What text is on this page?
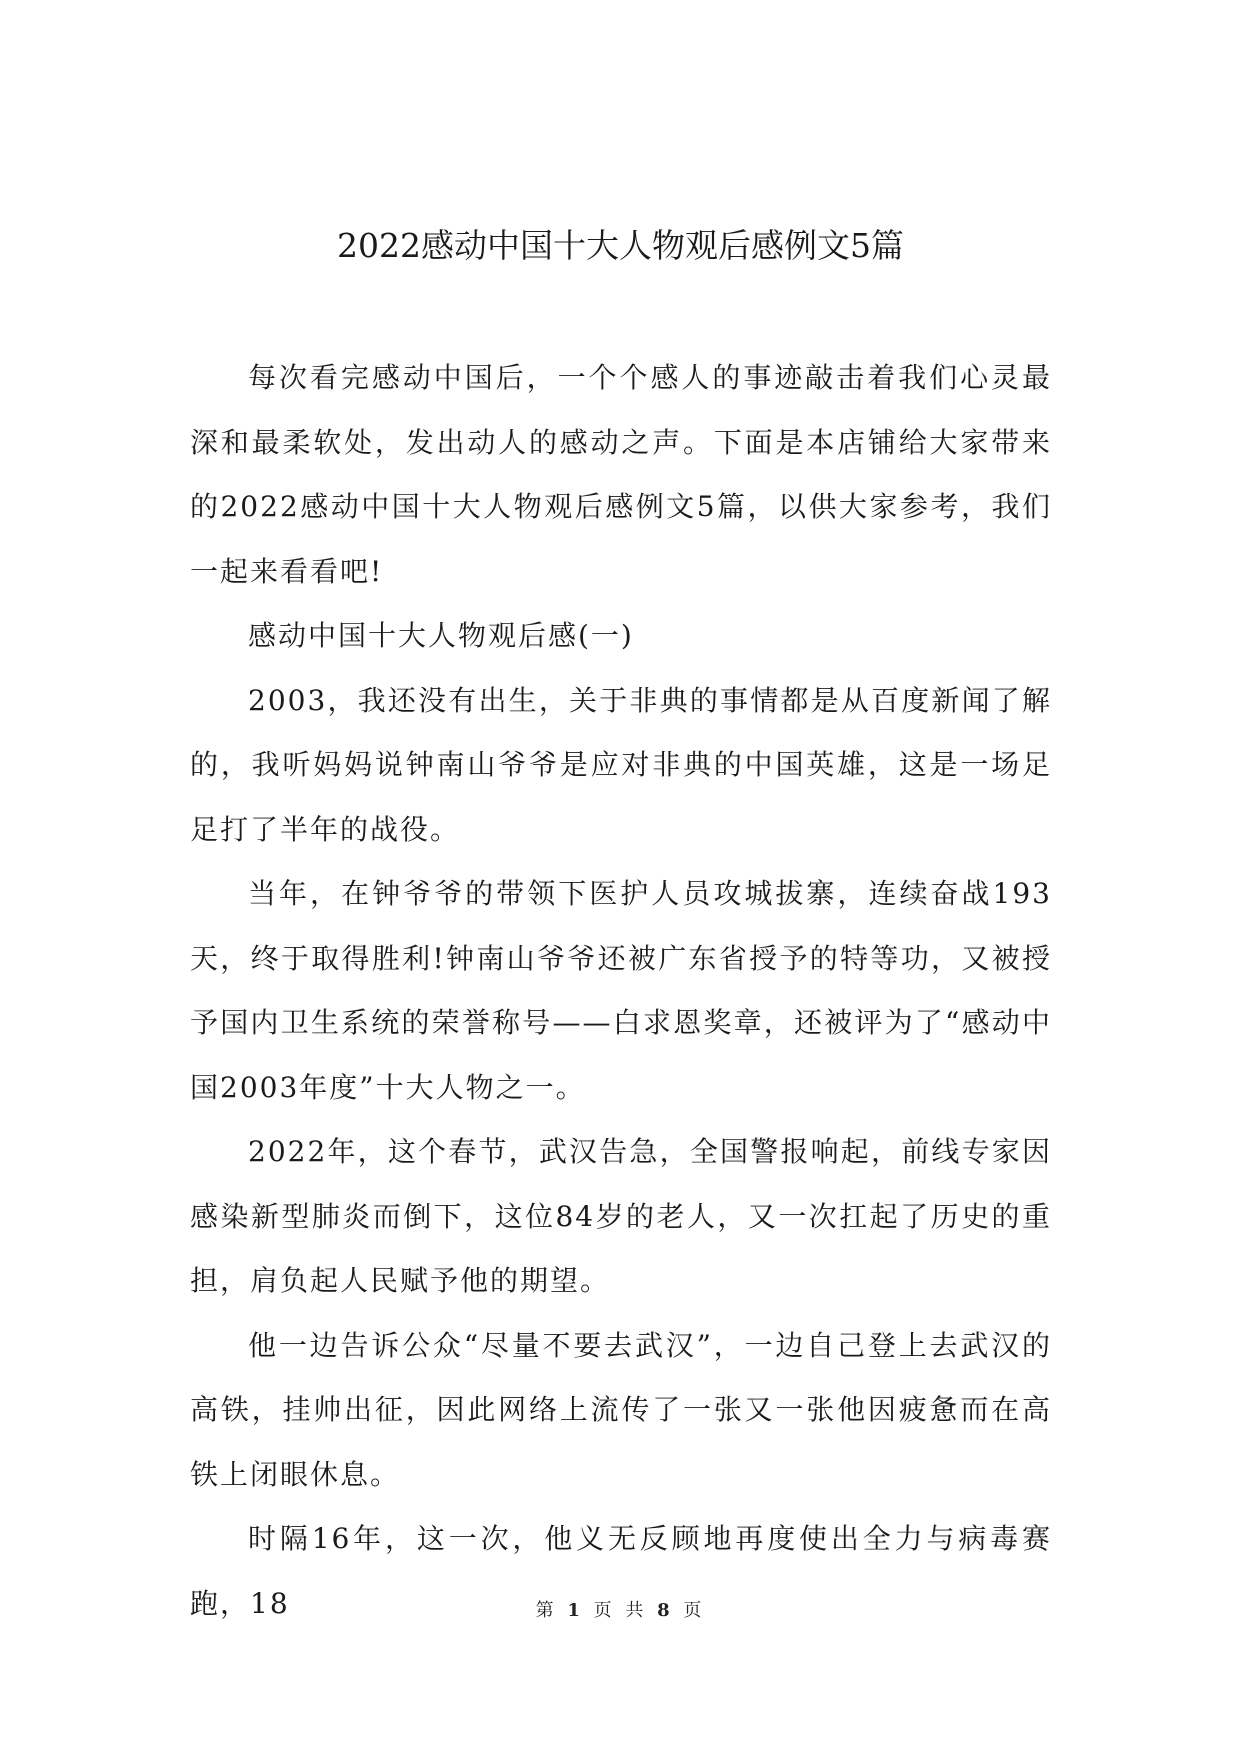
2022感动中国十大人物观后感例文5篇

每次看完感动中国后，一个个感人的事迹敲击着我们心灵最深和最柔软处，发出动人的感动之声。下面是本店铺给大家带来的2022感动中国十大人物观后感例文5篇，以供大家参考，我们一起来看看吧!

感动中国十大人物观后感(一)

2003，我还没有出生，关于非典的事情都是从百度新闻了解的，我听妈妈说钟南山爷爷是应对非典的中国英雄，这是一场足足打了半年的战役。

当年，在钟爷爷的带领下医护人员攻城拔寨，连续奋战193天，终于取得胜利!钟南山爷爷还被广东省授予的特等功，又被授予国内卫生系统的荣誉称号——白求恩奖章，还被评为了“感动中国2003年度”十大人物之一。

2022年，这个春节，武汉告急，全国警报响起，前线专家因感染新型肺炎而倒下，这位84岁的老人，又一次扛起了历史的重担，肩负起人民赋予他的期望。

他一边告诉公众“尽量不要去武汉”，一边自己登上去武汉的高铁，挂帅出征，因此网络上流传了一张又一张他因疲惫而在高铁上闭眼休息。

时隔16年，这一次，他义无反顾地再度使出全力与病毒赛跑，18	第 1 页 共 8 页
